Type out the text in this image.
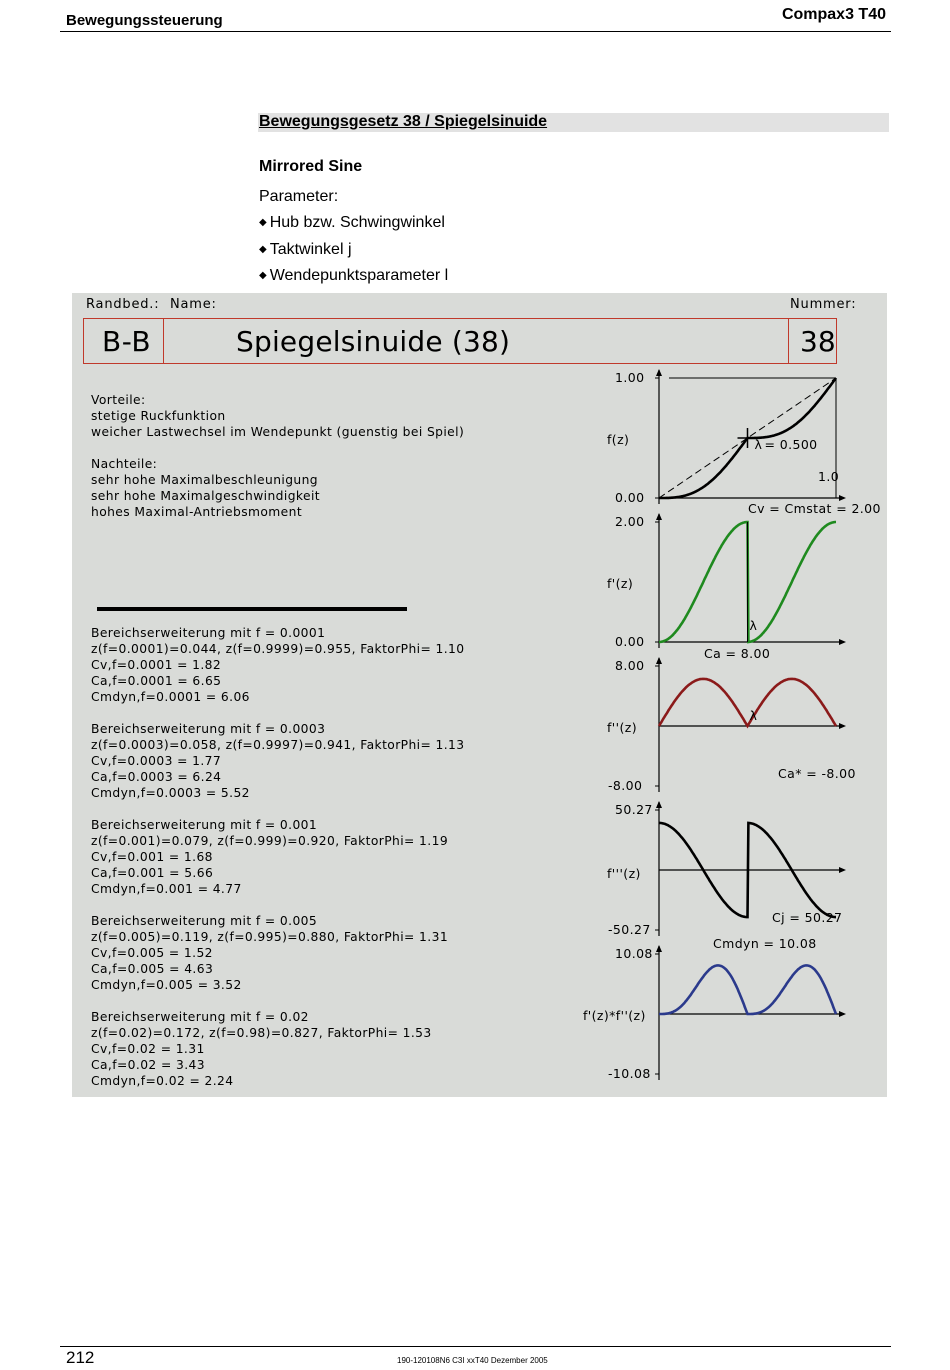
Bewegungssteuerung	Compax3 T40
Bewegungsgesetz 38 / Spiegelsinuide
Mirrored Sine
Parameter:
◆ Hub bzw. Schwingwinkel
◆ Taktwinkel j
◆ Wendepunktsparameter l
Randbed.: Name:	Nummer:
B-B	Spiegelsinuide (38)	38
Vorteile:
stetige Ruckfunktion
weicher Lastwechsel im Wendepunkt (guenstig bei Spiel)
Nachteile:
sehr hohe Maximalbeschleunigung
sehr hohe Maximalgeschwindigkeit
hohes Maximal-Antriebsmoment
Bereichserweiterung mit f = 0.0001
z(f=0.0001)=0.044, z(f=0.9999)=0.955, FaktorPhi= 1.10
Cv,f=0.0001 = 1.82
Ca,f=0.0001 = 6.65
Cmdyn,f=0.0001 = 6.06
Bereichserweiterung mit f = 0.0003
z(f=0.0003)=0.058, z(f=0.9997)=0.941, FaktorPhi= 1.13
Cv,f=0.0003 = 1.77
Ca,f=0.0003 = 6.24
Cmdyn,f=0.0003 = 5.52
Bereichserweiterung mit f = 0.001
z(f=0.001)=0.079, z(f=0.999)=0.920, FaktorPhi= 1.19
Cv,f=0.001 = 1.68
Ca,f=0.001 = 5.66
Cmdyn,f=0.001 = 4.77
Bereichserweiterung mit f = 0.005
z(f=0.005)=0.119, z(f=0.995)=0.880, FaktorPhi= 1.31
Cv,f=0.005 = 1.52
Ca,f=0.005 = 4.63
Cmdyn,f=0.005 = 3.52
Bereichserweiterung mit f = 0.02
z(f=0.02)=0.172, z(f=0.98)=0.827, FaktorPhi= 1.53
Cv,f=0.02 = 1.31
Ca,f=0.02 = 3.43
Cmdyn,f=0.02 = 2.24
1.00
0.00
f(z)
2.00
0.00
f'(z)
λ
8.00
-8.00
f''(z)
λ
50.27
-50.27
f'''(z)
10.08
-10.08
f'(z)*f''(z)
λ = 0.500
1.0
Cv = Cmstat = 2.00
Ca = 8.00
Ca* = -8.00
Cj = 50.27
Cmdyn = 10.08
212	190-120108N6 C3I xxT40 Dezember 2005
